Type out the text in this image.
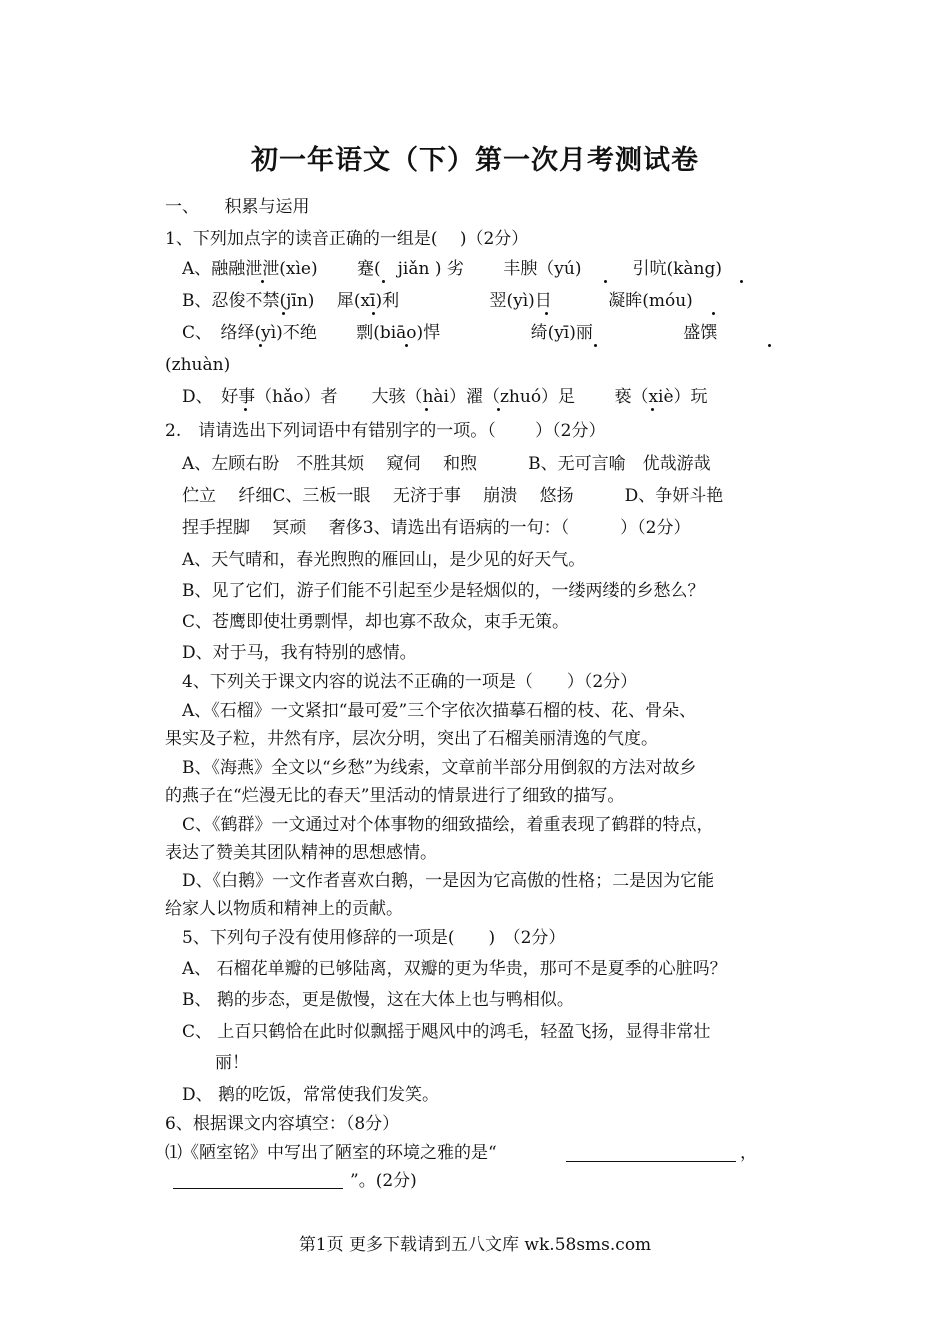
初一年语文（下）第一次月考测试卷
一、　　积累与运用
1、下列加点字的读音正确的一组是(　 )（2分）
A、融融泄泄(xìe)　　 蹇(　jiǎn ) 劣　　 丰腴（yú)　　　引吭(kàng)
B、忍俊不禁(jīn)　 犀(xī)利　　　　　 翌(yì)日　　　 凝眸(móu)
C、　络绎(yì)不绝　　 剽(biāo)悍　　　　　 绮(yī)丽　　　　　 盛馔
(zhuàn)
D、　好事（hǎo）者　　大骇（hài）濯（zhuó）足　　 亵（xiè）玩
2.　请请选出下列词语中有错别字的一项。（　　 ）（2分）
A、左顾右盼　不胜其烦　 窥伺　 和煦　　　B、无可言喻　优哉游哉
伫立　 纤细C、三板一眼　 无济于事　 崩溃　 悠扬　　　D、争妍斗艳
捏手捏脚　 冥顽　 奢侈3、请选出有语病的一句：（　　　）（2分）
A、天气晴和，春光煦煦的雁回山，是少见的好天气。
B、见了它们，游子们能不引起至少是轻烟似的，一缕两缕的乡愁么？
C、苍鹰即使壮勇剽悍，却也寡不敌众，束手无策。
D、对于马，我有特别的感情。
4、下列关于课文内容的说法不正确的一项是（　　）（2分）
A、《石榴》一文紧扣“最可爱”三个字依次描摹石榴的枝、花、骨朵、
果实及子粒，井然有序，层次分明，突出了石榴美丽清逸的气度。
B、《海燕》全文以“乡愁”为线索，文章前半部分用倒叙的方法对故乡
的燕子在“烂漫无比的春天”里活动的情景进行了细致的描写。
C、《鹤群》一文通过对个体事物的细致描绘，着重表现了鹤群的特点，
表达了赞美其团队精神的思想感情。
D、《白鹅》一文作者喜欢白鹅，一是因为它高傲的性格；二是因为它能
给家人以物质和精神上的贡献。
5、下列句子没有使用修辞的一项是(　　)　（2分）
A、 石榴花单瓣的已够陆离，双瓣的更为华贵，那可不是夏季的心脏吗？
B、 鹅的步态，更是傲慢，这在大体上也与鸭相似。
C、 上百只鹤恰在此时似飘摇于飓风中的鸿毛，轻盈飞扬，显得非常壮
丽！
D、 鹅的吃饭，常常使我们发笑。
6、根据课文内容填空：（8分）
⑴《陋室铭》中写出了陋室的环境之雅的是“	，
”。(2分)
第1页 更多下载请到五八文库 wk.58sms.com
